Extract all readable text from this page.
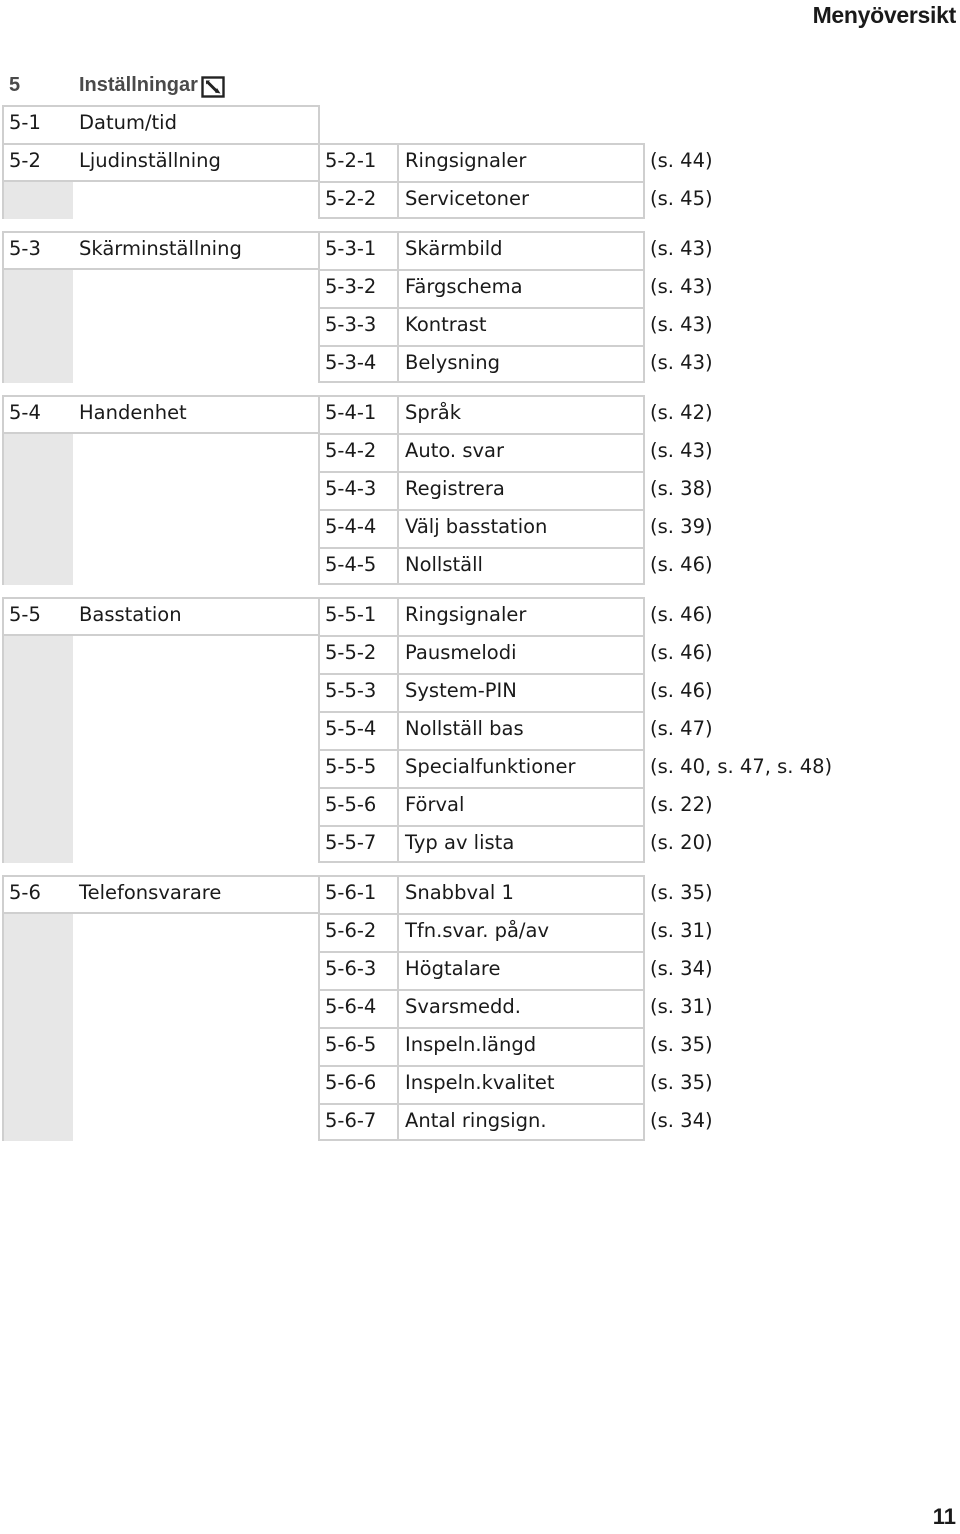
Menyöversikt
5	Inställningar
5-1 Datum/tid
5-2 Ljudinställning	5-2-1 Ringsignaler	(s. 44)
5-2-2 Servicetoner	(s. 45)
5-3 Skärminställning	5-3-1 Skärmbild	(s. 43)
5-3-2 Färgschema	(s. 43)
5-3-3 Kontrast	(s. 43)
5-3-4 Belysning	(s. 43)
5-4 Handenhet	5-4-1 Språk	(s. 42)
5-4-2 Auto. svar	(s. 43)
5-4-3 Registrera	(s. 38)
5-4-4 Välj basstation	(s. 39)
5-4-5 Nollställ	(s. 46)
5-5 Basstation	5-5-1 Ringsignaler	(s. 46)
5-5-2 Pausmelodi	(s. 46)
5-5-3 System-PIN	(s. 46)
5-5-4 Nollställ bas	(s. 47)
5-5-5 Specialfunktioner	(s. 40, s. 47, s. 48)
5-5-6 Förval	(s. 22)
5-5-7 Typ av lista	(s. 20)
5-6 Telefonsvarare	5-6-1 Snabbval 1	(s. 35)
5-6-2 Tfn.svar. på/av	(s. 31)
5-6-3 Högtalare	(s. 34)
5-6-4 Svarsmedd.	(s. 31)
5-6-5 Inspeln.längd	(s. 35)
5-6-6 Inspeln.kvalitet	(s. 35)
5-6-7 Antal ringsign.	(s. 34)
11
